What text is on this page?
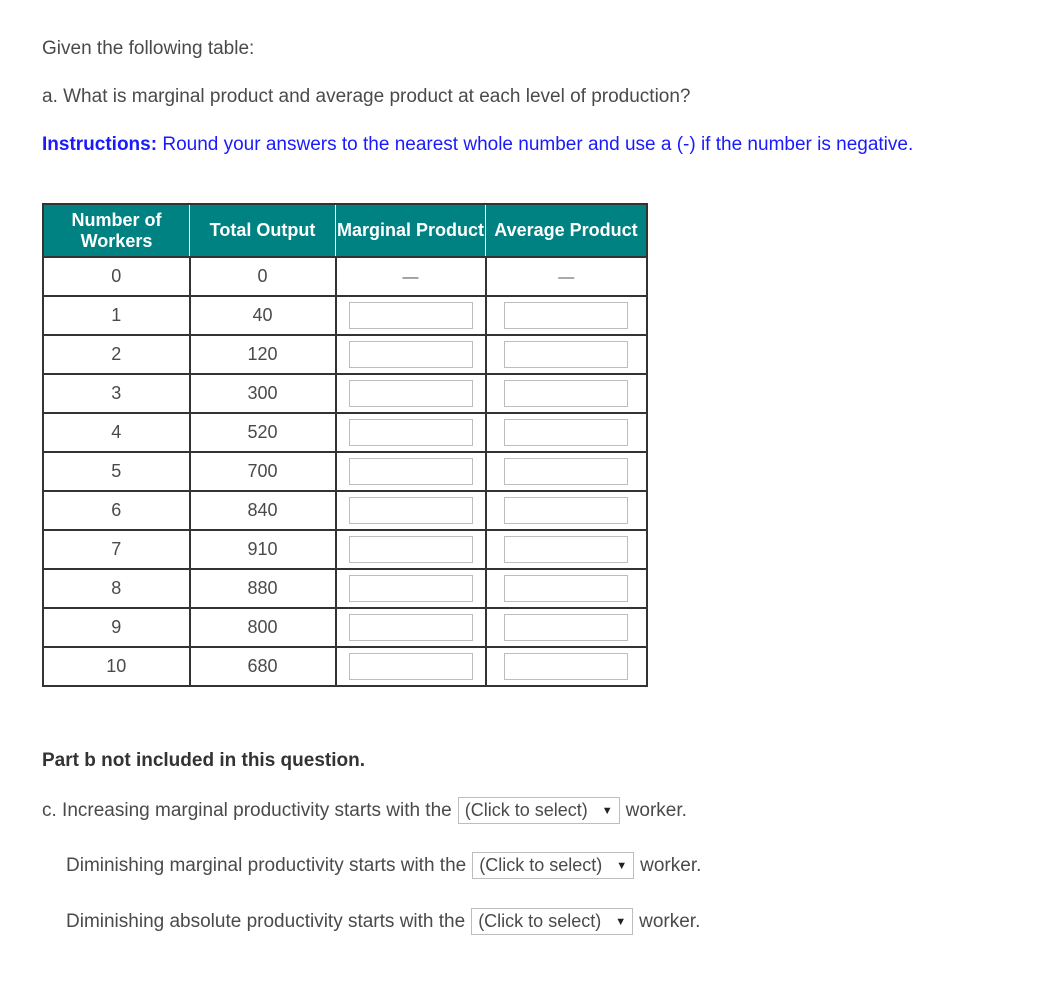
Given the following table:
a. What is marginal product and average product at each level of production?
Instructions: Round your answers to the nearest whole number and use a (-) if the number is negative.
Number of Workers	Total Output	Marginal Product	Average Product
0	0	—	—
1	40		
2	120		
3	300		
4	520		
5	700		
6	840		
7	910		
8	880		
9	800		
10	680		
Part b not included in this question.
c. Increasing marginal productivity starts with the (Click to select) ▼ worker.
Diminishing marginal productivity starts with the (Click to select) ▼ worker.
Diminishing absolute productivity starts with the (Click to select) ▼ worker.
